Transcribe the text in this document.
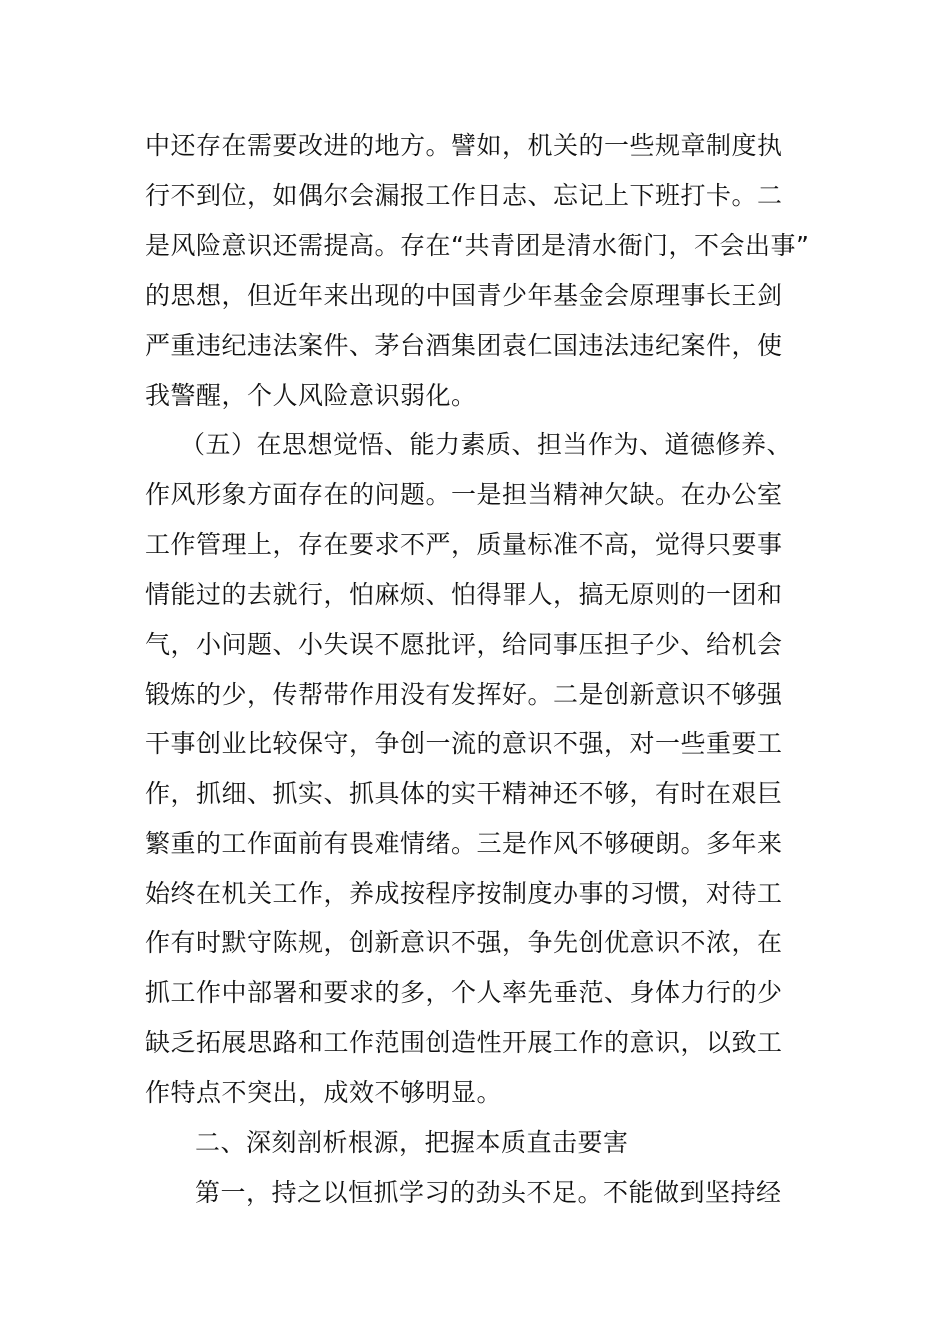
中还存在需要改进的地方。譬如，机关的一些规章制度执
行不到位，如偶尔会漏报工作日志、忘记上下班打卡。二
是风险意识还需提高。存在“共青团是清水衙门，不会出事”
的思想，但近年来出现的中国青少年基金会原理事长王剑
严重违纪违法案件、茅台酒集团袁仁国违法违纪案件，使
我警醒，个人风险意识弱化。
（五）在思想觉悟、能力素质、担当作为、道德修养、
作风形象方面存在的问题。一是担当精神欠缺。在办公室
工作管理上，存在要求不严，质量标准不高，觉得只要事
情能过的去就行，怕麻烦、怕得罪人，搞无原则的一团和
气，小问题、小失误不愿批评，给同事压担子少、给机会
锻炼的少，传帮带作用没有发挥好。二是创新意识不够强
干事创业比较保守，争创一流的意识不强，对一些重要工
作，抓细、抓实、抓具体的实干精神还不够，有时在艰巨
繁重的工作面前有畏难情绪。三是作风不够硬朗。多年来
始终在机关工作，养成按程序按制度办事的习惯，对待工
作有时默守陈规，创新意识不强，争先创优意识不浓，在
抓工作中部署和要求的多，个人率先垂范、身体力行的少
缺乏拓展思路和工作范围创造性开展工作的意识，以致工
作特点不突出，成效不够明显。
二、深刻剖析根源，把握本质直击要害
第一，持之以恒抓学习的劲头不足。不能做到坚持经
